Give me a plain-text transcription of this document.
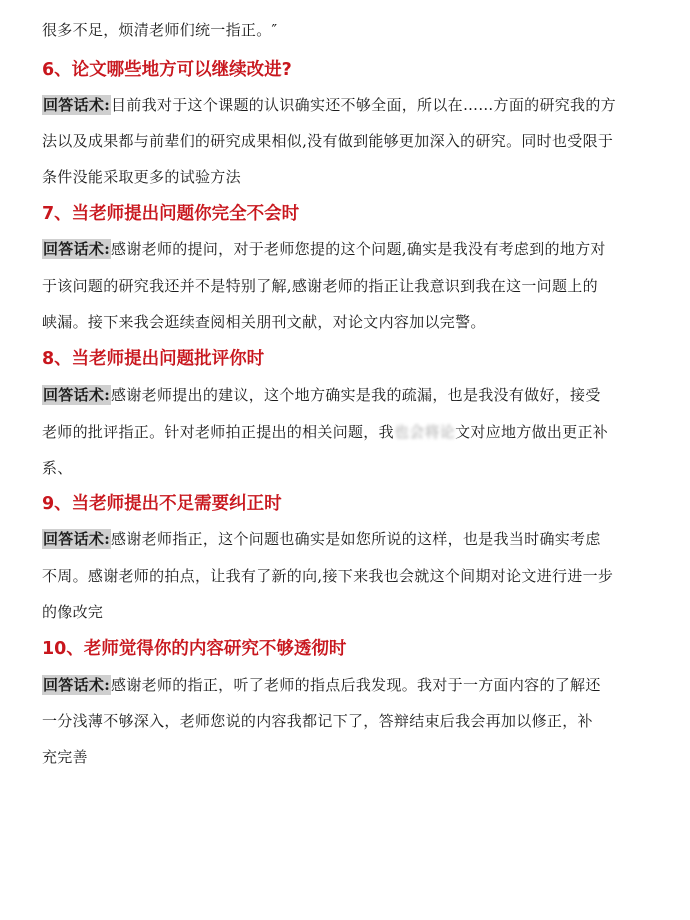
很多不足，烦清老师们统一指正。″
6、论文哪些地方可以继续改进?
回答话术:目前我对于这个课题的认识确实还不够全面，所以在……方面的研究我的方
法以及成果都与前辈们的研究成果相似,没有做到能够更加深入的研究。同时也受限于
条件没能采取更多的试验方法
7、当老师提出问题你完全不会时
回答话术:感谢老师的提问，对于老师您提的这个问题,确实是我没有考虑到的地方对
于该问题的研究我还并不是特别了解,感谢老师的指正让我意识到我在这一问题上的
峡漏。接下来我会逛续查阅相关朋刊文献，对论文内容加以完警。
8、当老师提出问题批评你时
回答话术:感谢老师提出的建议，这个地方确实是我的疏漏，也是我没有做好，接受
老师的批评指正。针对老师拍正提出的相关问题，我也会将论文对应地方做出更正补
系、
9、当老师提出不足需要纠正时
回答话术:感谢老师指正，这个问题也确实是如您所说的这样，也是我当时确实考虑
不周。感谢老师的拍点，让我有了新的向,接下来我也会就这个间期对论文进行进一步
的像改完
10、老师觉得你的内容研究不够透彻时
回答话术:感谢老师的指正，听了老师的指点后我发现。我对于一方面内容的了解还
一分浅薄不够深入，老师您说的内容我都记下了，答辩结束后我会再加以修正，补
充完善
